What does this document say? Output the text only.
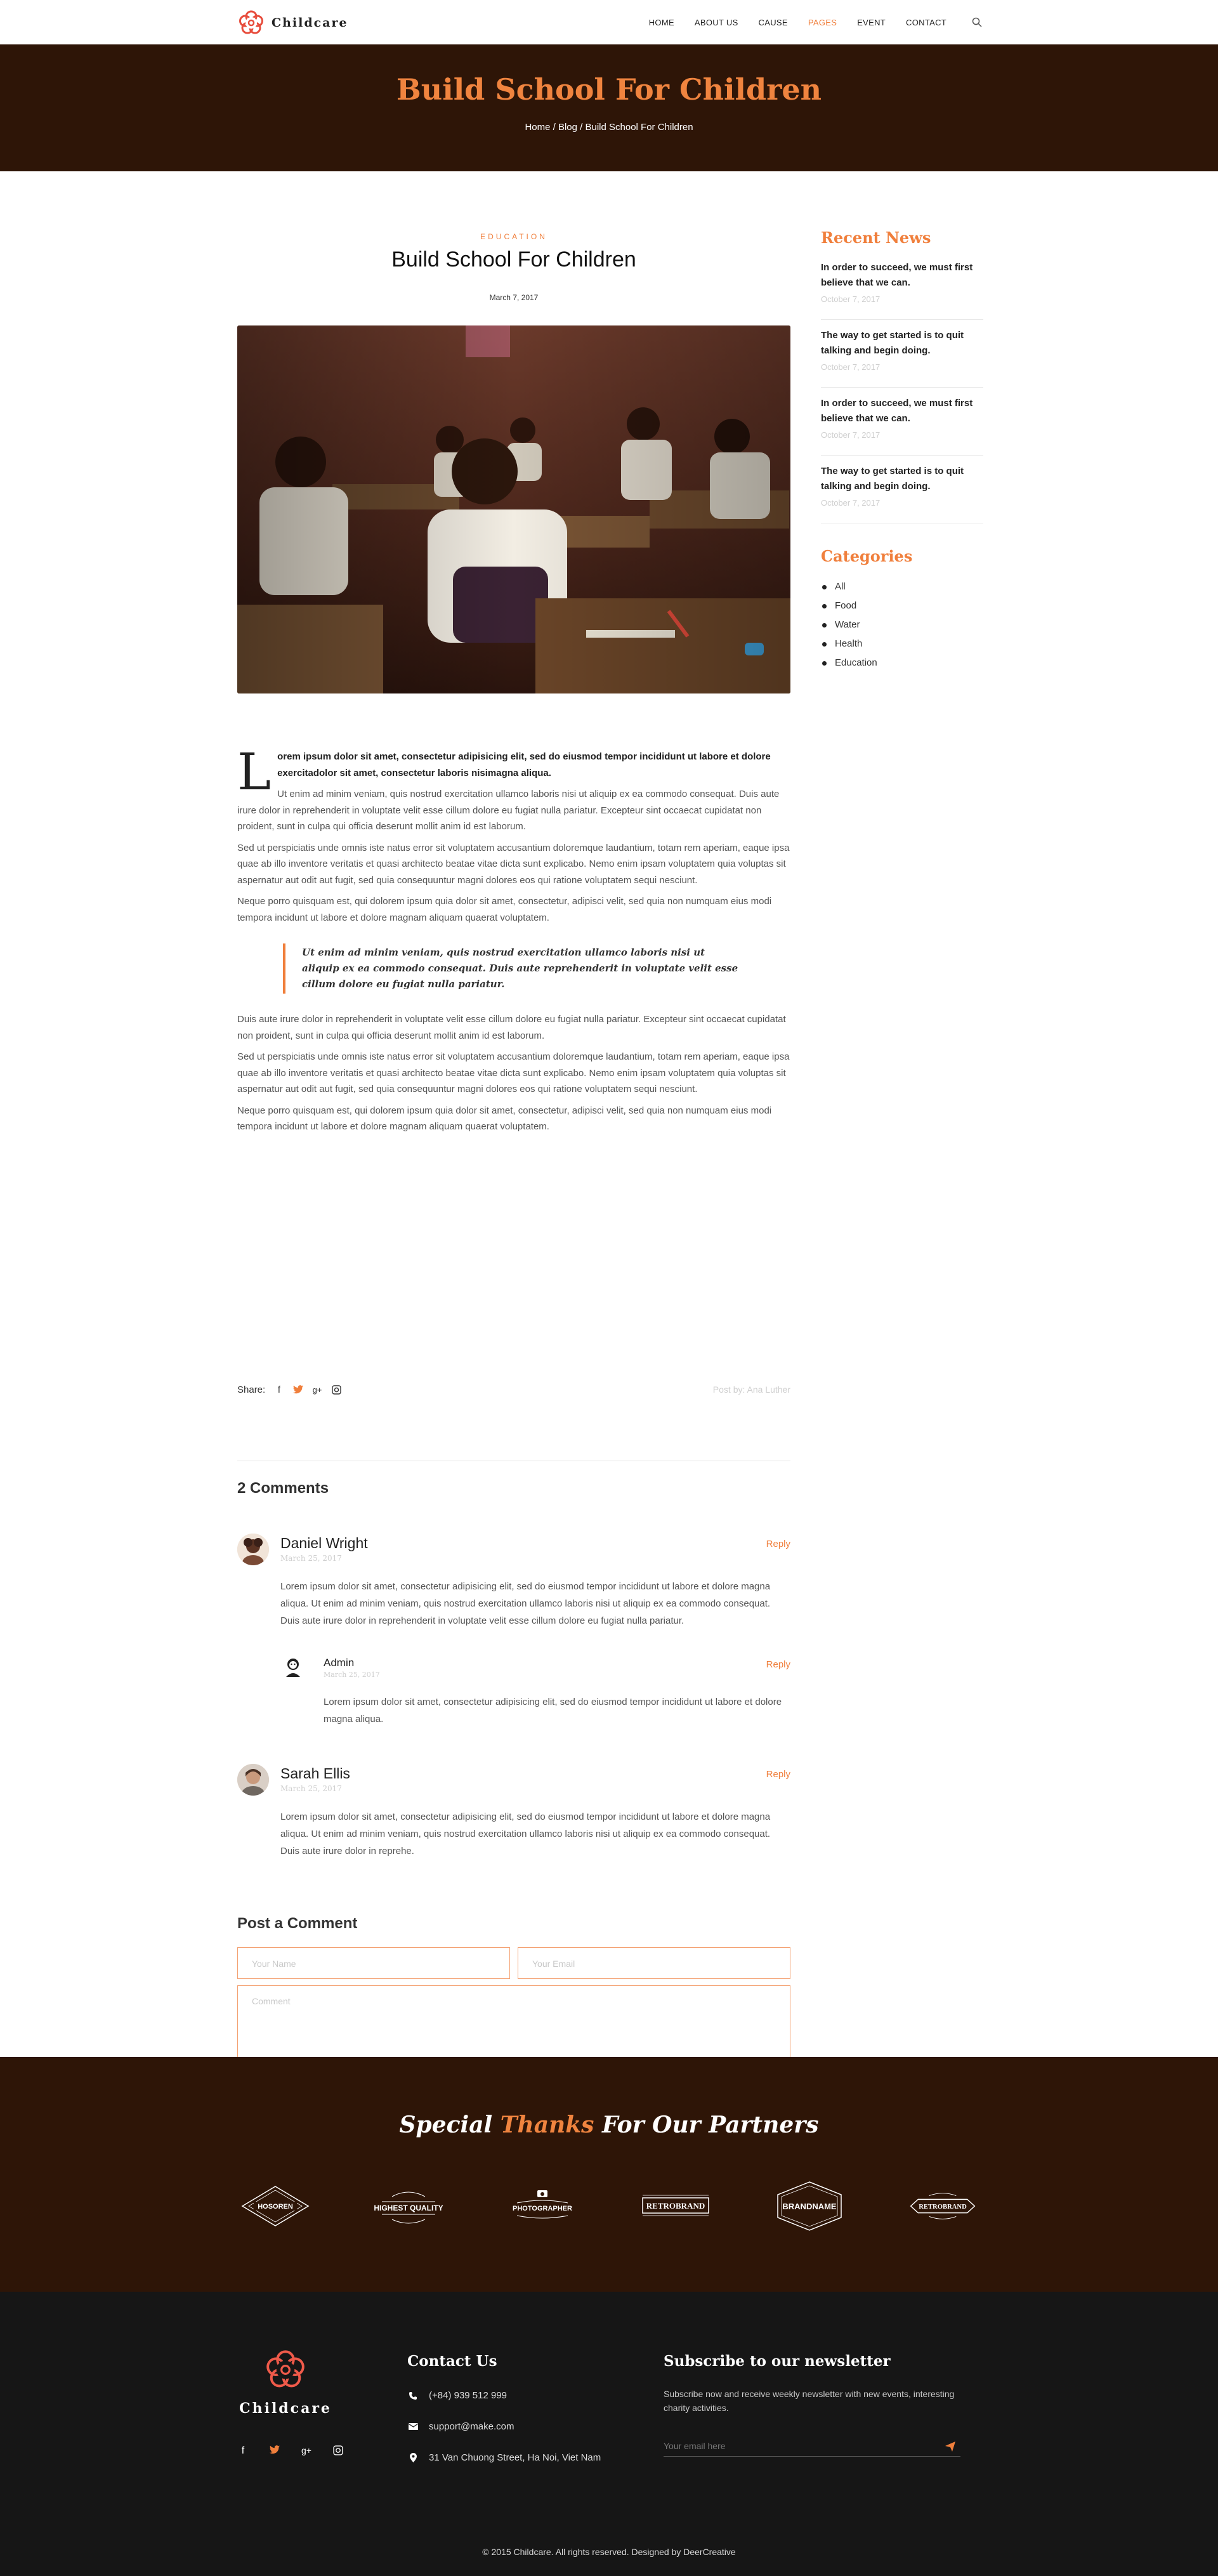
Childcare	HOME ABOUT US CAUSE PAGES EVENT CONTACT
Build School For Children
Home / Blog / Build School For Children
EDUCATION
Build School For Children
March 7, 2017
L orem ipsum dolor sit amet, consectetur adipisicing elit, sed do eiusmod tempor incididunt ut labore et dolore exercitadolor sit amet, consectetur laboris nisimagna aliqua.

Ut enim ad minim veniam, quis nostrud exercitation ullamco laboris nisi ut aliquip ex ea commodo consequat. Duis aute irure dolor in reprehenderit in voluptate velit esse cillum dolore eu fugiat nulla pariatur. Excepteur sint occaecat cupidatat non proident, sunt in culpa qui officia deserunt mollit anim id est laborum.

Sed ut perspiciatis unde omnis iste natus error sit voluptatem accusantium doloremque laudantium, totam rem aperiam, eaque ipsa quae ab illo inventore veritatis et quasi architecto beatae vitae dicta sunt explicabo. Nemo enim ipsam voluptatem quia voluptas sit aspernatur aut odit aut fugit, sed quia consequuntur magni dolores eos qui ratione voluptatem sequi nesciunt.

Neque porro quisquam est, qui dolorem ipsum quia dolor sit amet, consectetur, adipisci velit, sed quia non numquam eius modi tempora incidunt ut labore et dolore magnam aliquam quaerat voluptatem.

Ut enim ad minim veniam, quis nostrud exercitation ullamco laboris nisi ut aliquip ex ea commodo consequat. Duis aute reprehenderit in voluptate velit esse cillum dolore eu fugiat nulla pariatur.

Duis aute irure dolor in reprehenderit in voluptate velit esse cillum dolore eu fugiat nulla pariatur. Excepteur sint occaecat cupidatat non proident, sunt in culpa qui officia deserunt mollit anim id est laborum.

Sed ut perspiciatis unde omnis iste natus error sit voluptatem accusantium doloremque laudantium, totam rem aperiam, eaque ipsa quae ab illo inventore veritatis et quasi architecto beatae vitae dicta sunt explicabo. Nemo enim ipsam voluptatem quia voluptas sit aspernatur aut odit aut fugit, sed quia consequuntur magni dolores eos qui ratione voluptatem sequi nesciunt.

Neque porro quisquam est, qui dolorem ipsum quia dolor sit amet, consectetur, adipisci velit, sed quia non numquam eius modi tempora incidunt ut labore et dolore magnam aliquam quaerat voluptatem.

Share:	f	g+	Post by: Ana Luther
2 Comments
Daniel Wright
March 25, 2017
Reply
Lorem ipsum dolor sit amet, consectetur adipisicing elit, sed do eiusmod tempor incididunt ut labore et dolore magna aliqua. Ut enim ad minim veniam, quis nostrud exercitation ullamco laboris nisi ut aliquip ex ea commodo consequat. Duis aute irure dolor in reprehenderit in voluptate velit esse cillum dolore eu fugiat nulla pariatur.
Admin
March 25, 2017
Reply
Lorem ipsum dolor sit amet, consectetur adipisicing elit, sed do eiusmod tempor incididunt ut labore et dolore magna aliqua.
Sarah Ellis
March 25, 2017
Reply
Lorem ipsum dolor sit amet, consectetur adipisicing elit, sed do eiusmod tempor incididunt ut labore et dolore magna aliqua. Ut enim ad minim veniam, quis nostrud exercitation ullamco laboris nisi ut aliquip ex ea commodo consequat. Duis aute irure dolor in reprehe.
Post a Comment
Your Name	Your Email
Comment
Recent News
In order to succeed, we must first believe that we can.
October 7, 2017
The way to get started is to quit talking and begin doing.
October 7, 2017
In order to succeed, we must first believe that we can.
October 7, 2017
The way to get started is to quit talking and begin doing.
October 7, 2017
Categories
All
Food
Water
Health
Education
Special Thanks For Our Partners
HOSOREN	HIGHEST QUALITY	PHOTOGRAPHER	RETROBRAND	BRANDNAME	RETROBRAND
Childcare
f	g+
Contact Us
(+84) 939 512 999
support@make.com
31 Van Chuong Street, Ha Noi, Viet Nam
Subscribe to our newsletter

Subscribe now and receive weekly newsletter with new events, interesting charity activities.

Your email here
© 2015 Childcare. All rights reserved. Designed by DeerCreative
